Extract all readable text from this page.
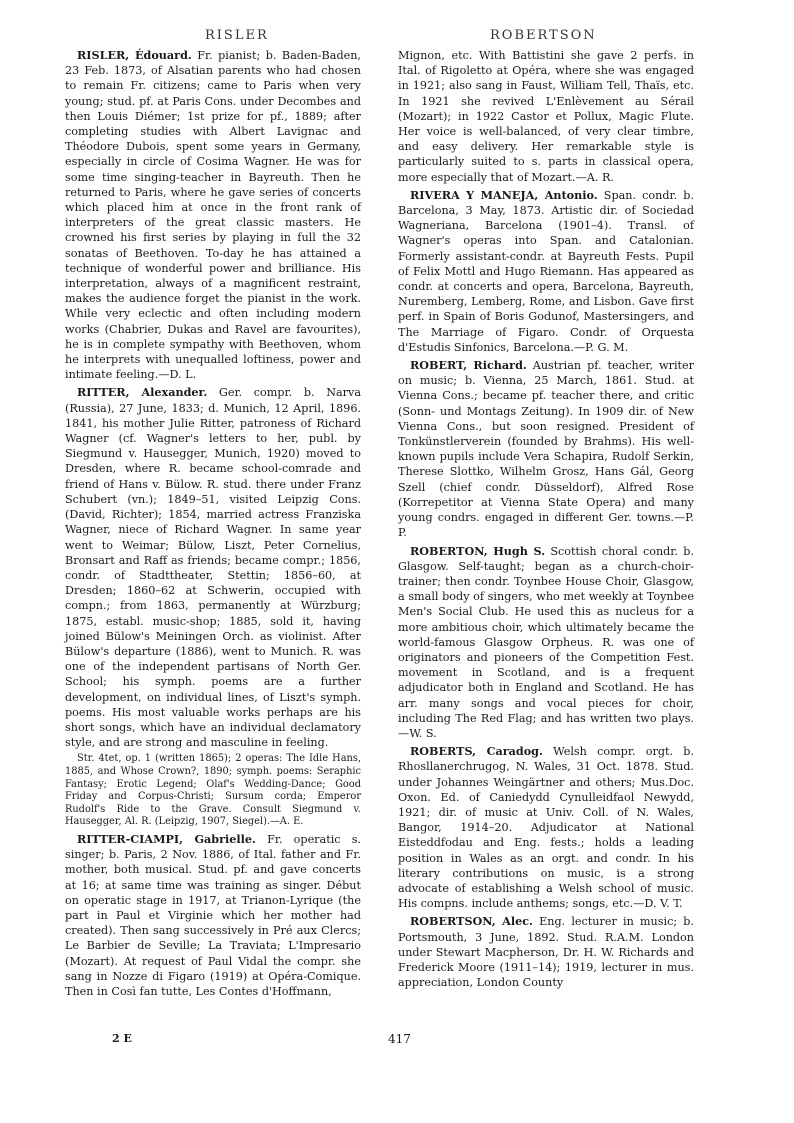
RISLER	ROBERTSON

RISLER, Édouard. Fr. pianist; b. Baden-Baden, 23 Feb. 1873, of Alsatian parents who had chosen to remain Fr. citizens; came to Paris when very young; stud. pf. at Paris Cons. under Decombes and then Louis Diémer; 1st prize for pf., 1889; after completing studies with Albert Lavignac and Théodore Dubois, spent some years in Germany, especially in circle of Cosima Wagner. He was for some time singing-teacher in Bayreuth. Then he returned to Paris, where he gave series of concerts which placed him at once in the front rank of interpreters of the great classic masters. He crowned his first series by playing in full the 32 sonatas of Beethoven. To-day he has attained a technique of wonderful power and brilliance. His interpretation, always of a magnificent restraint, makes the audience forget the pianist in the work. While very eclectic and often including modern works (Chabrier, Dukas and Ravel are favourites), he is in complete sympathy with Beethoven, whom he interprets with unequalled loftiness, power and intimate feeling.—D. L.

RITTER, Alexander. Ger. compr. b. Narva (Russia), 27 June, 1833; d. Munich, 12 April, 1896. 1841, his mother Julie Ritter, patroness of Richard Wagner (cf. Wagner's letters to her, publ. by Siegmund v. Hausegger, Munich, 1920) moved to Dresden, where R. became school-comrade and friend of Hans v. Bülow. R. stud. there under Franz Schubert (vn.); 1849–51, visited Leipzig Cons. (David, Richter); 1854, married actress Franziska Wagner, niece of Richard Wagner. In same year went to Weimar; Bülow, Liszt, Peter Cornelius, Bronsart and Raff as friends; became compr.; 1856, condr. of Stadttheater, Stettin; 1856–60, at Dresden; 1860–62 at Schwerin, occupied with compn.; from 1863, permanently at Würzburg; 1875, establ. music-shop; 1885, sold it, having joined Bülow's Meiningen Orch. as violinist. After Bülow's departure (1886), went to Munich. R. was one of the independent partisans of North Ger. School; his symph. poems are a further development, on individual lines, of Liszt's symph. poems. His most valuable works perhaps are his short songs, which have an individual declamatory style, and are strong and masculine in feeling.

Str. 4tet, op. 1 (written 1865); 2 operas: The Idle Hans, 1885, and Whose Crown?, 1890; symph. poems: Seraphic Fantasy; Erotic Legend; Olaf's Wedding-Dance; Good Friday and Corpus-Christi; Sursum corda; Emperor Rudolf's Ride to the Grave. Consult Siegmund v. Hausegger, Al. R. (Leipzig, 1907, Siegel).—A. E.

RITTER-CIAMPI, Gabrielle. Fr. operatic s. singer; b. Paris, 2 Nov. 1886, of Ital. father and Fr. mother, both musical. Stud. pf. and gave concerts at 16; at same time was training as singer. Début on operatic stage in 1917, at Trianon-Lyrique (the part in Paul et Virginie which her mother had created). Then sang successively in Pré aux Clercs; Le Barbier de Seville; La Traviata; L'Impresario (Mozart). At request of Paul Vidal the compr. she sang in Nozze di Figaro (1919) at Opéra-Comique. Then in Così fan tutte, Les Contes d'Hoffmann,

Mignon, etc. With Battistini she gave 2 perfs. in Ital. of Rigoletto at Opéra, where she was engaged in 1921; also sang in Faust, William Tell, Thaïs, etc. In 1921 she revived L'Enlèvement au Sérail (Mozart); in 1922 Castor et Pollux, Magic Flute. Her voice is well-balanced, of very clear timbre, and easy delivery. Her remarkable style is particularly suited to s. parts in classical opera, more especially that of Mozart.—A. R.

RIVERA Y MANEJA, Antonio. Span. condr. b. Barcelona, 3 May, 1873. Artistic dir. of Sociedad Wagneriana, Barcelona (1901–4). Transl. of Wagner's operas into Span. and Catalonian. Formerly assistant-condr. at Bayreuth Fests. Pupil of Felix Mottl and Hugo Riemann. Has appeared as condr. at concerts and opera, Barcelona, Bayreuth, Nuremberg, Lemberg, Rome, and Lisbon. Gave first perf. in Spain of Boris Godunof, Mastersingers, and The Marriage of Figaro. Condr. of Orquesta d'Estudis Sinfonics, Barcelona.—P. G. M.

ROBERT, Richard. Austrian pf. teacher, writer on music; b. Vienna, 25 March, 1861. Stud. at Vienna Cons.; became pf. teacher there, and critic (Sonn- und Montags Zeitung). In 1909 dir. of New Vienna Cons., but soon resigned. President of Tonkünstlerverein (founded by Brahms). His well-known pupils include Vera Schapira, Rudolf Serkin, Therese Slottko, Wilhelm Grosz, Hans Gál, Georg Szell (chief condr. Düsseldorf), Alfred Rose (Korrepetitor at Vienna State Opera) and many young condrs. engaged in different Ger. towns.—P. P.

ROBERTON, Hugh S. Scottish choral condr. b. Glasgow. Self-taught; began as a church-choir-trainer; then condr. Toynbee House Choir, Glasgow, a small body of singers, who met weekly at Toynbee Men's Social Club. He used this as nucleus for a more ambitious choir, which ultimately became the world-famous Glasgow Orpheus. R. was one of originators and pioneers of the Competition Fest. movement in Scotland, and is a frequent adjudicator both in England and Scotland. He has arr. many songs and vocal pieces for choir, including The Red Flag; and has written two plays.—W. S.

ROBERTS, Caradog. Welsh compr. orgt. b. Rhosllanerchrugog, N. Wales, 31 Oct. 1878. Stud. under Johannes Weingärtner and others; Mus.Doc. Oxon. Ed. of Caniedydd Cynulleidfaol Newydd, 1921; dir. of music at Univ. Coll. of N. Wales, Bangor, 1914–20. Adjudicator at National Eisteddfodau and Eng. fests.; holds a leading position in Wales as an orgt. and condr. In his literary contributions on music, is a strong advocate of establishing a Welsh school of music. His compns. include anthems; songs, etc.—D. V. T.

ROBERTSON, Alec. Eng. lecturer in music; b. Portsmouth, 3 June, 1892. Stud. R.A.M. London under Stewart Macpherson, Dr. H. W. Richards and Frederick Moore (1911–14); 1919, lecturer in mus. appreciation, London County

2 E	417
